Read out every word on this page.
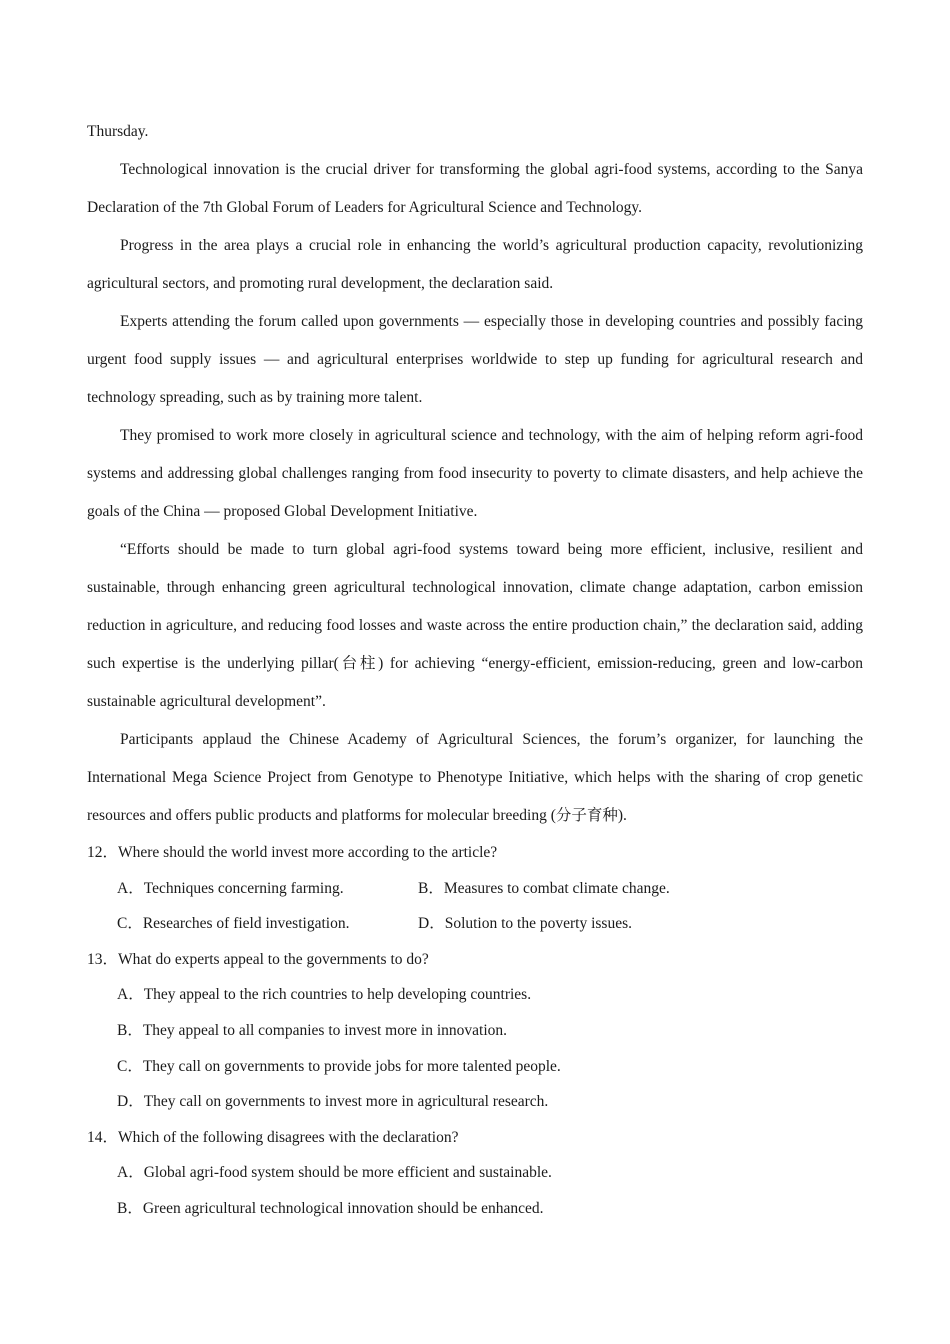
Thursday.

Technological innovation is the crucial driver for transforming the global agri-food systems, according to the Sanya Declaration of the 7th Global Forum of Leaders for Agricultural Science and Technology.

Progress in the area plays a crucial role in enhancing the world’s agricultural production capacity, revolutionizing agricultural sectors, and promoting rural development, the declaration said.

Experts attending the forum called upon governments — especially those in developing countries and possibly facing urgent food supply issues — and agricultural enterprises worldwide to step up funding for agricultural research and technology spreading, such as by training more talent.

They promised to work more closely in agricultural science and technology, with the aim of helping reform agri-food systems and addressing global challenges ranging from food insecurity to poverty to climate disasters, and help achieve the goals of the China — proposed Global Development Initiative.

“Efforts should be made to turn global agri-food systems toward being more efficient, inclusive, resilient and sustainable, through enhancing green agricultural technological innovation, climate change adaptation, carbon emission reduction in agriculture, and reducing food losses and waste across the entire production chain,” the declaration said, adding such expertise is the underlying pillar(台柱) for achieving “energy-efficient, emission-reducing, green and low-carbon sustainable agricultural development”.

Participants applaud the Chinese Academy of Agricultural Sciences, the forum’s organizer, for launching the International Mega Science Project from Genotype to Phenotype Initiative, which helps with the sharing of crop genetic resources and offers public products and platforms for molecular breeding (分子育种).

12．Where should the world invest more according to the article?

A．Techniques concerning farming.	B．Measures to combat climate change.
C．Researches of field investigation.	D．Solution to the poverty issues.

13．What do experts appeal to the governments to do?

A．They appeal to the rich countries to help developing countries.
B．They appeal to all companies to invest more in innovation.
C．They call on governments to provide jobs for more talented people.
D．They call on governments to invest more in agricultural research.

14．Which of the following disagrees with the declaration?

A．Global agri-food system should be more efficient and sustainable.
B．Green agricultural technological innovation should be enhanced.
